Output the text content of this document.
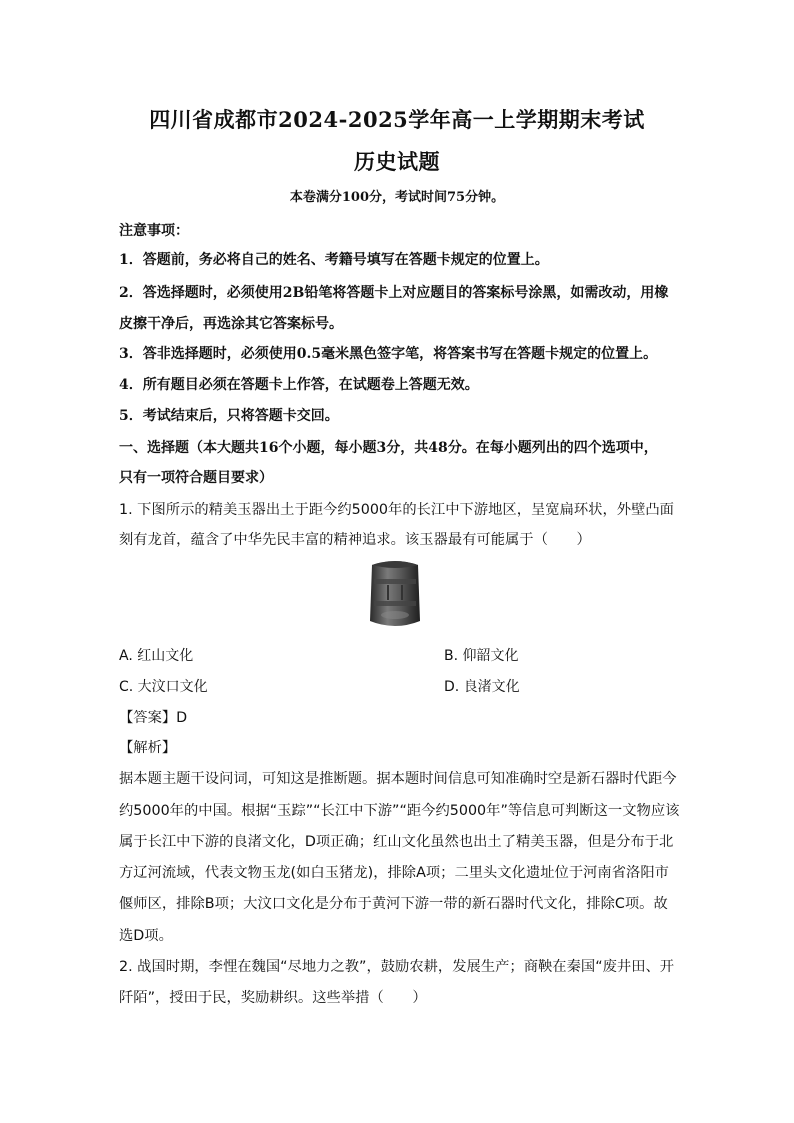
四川省成都市2024-2025学年高一上学期期末考试
历史试题
本卷满分100分，考试时间75分钟。
注意事项：
1．答题前，务必将自己的姓名、考籍号填写在答题卡规定的位置上。
2．答选择题时，必须使用2B铅笔将答题卡上对应题目的答案标号涂黑，如需改动，用橡
皮擦干净后，再选涂其它答案标号。
3．答非选择题时，必须使用0.5毫米黑色签字笔，将答案书写在答题卡规定的位置上。
4．所有题目必须在答题卡上作答，在试题卷上答题无效。
5．考试结束后，只将答题卡交回。
一、选择题（本大题共16个小题，每小题3分，共48分。在每小题列出的四个选项中，
只有一项符合题目要求）
1. 下图所示的精美玉器出土于距今约5000年的长江中下游地区，呈宽扁环状，外壁凸面
刻有龙首，蕴含了中华先民丰富的精神追求。该玉器最有可能属于（　　）
A. 红山文化	B. 仰韶文化
C. 大汶口文化	D. 良渚文化
【答案】D
【解析】
据本题主题干设问词，可知这是推断题。据本题时间信息可知准确时空是新石器时代距今
约5000年的中国。根据“玉踪”“长江中下游”“距今约5000年”等信息可判断这一文物应该
属于长江中下游的良渚文化，D项正确；红山文化虽然也出土了精美玉器，但是分布于北
方辽河流域，代表文物玉龙(如白玉猪龙)，排除A项；二里头文化遗址位于河南省洛阳市
偃师区，排除B项；大汶口文化是分布于黄河下游一带的新石器时代文化，排除C项。故
选D项。
2. 战国时期，李悝在魏国“尽地力之教”，鼓励农耕，发展生产；商鞅在秦国“废井田、开
阡陌”，授田于民，奖励耕织。这些举措（　　）
